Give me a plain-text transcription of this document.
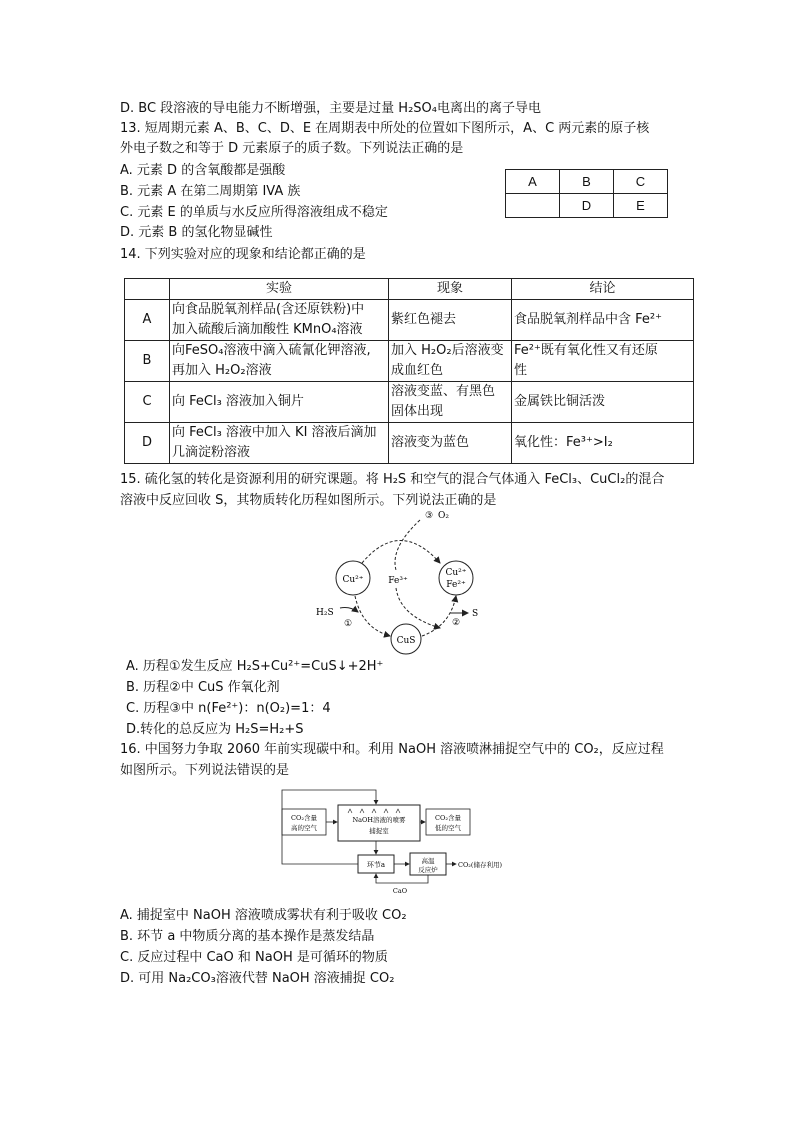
D. BC 段溶液的导电能力不断增强，主要是过量 H₂SO₄电离出的离子导电
13. 短周期元素 A、B、C、D、E 在周期表中所处的位置如下图所示，A、C 两元素的原子核
外电子数之和等于 D 元素原子的质子数。下列说法正确的是
A. 元素 D 的含氧酸都是强酸
B. 元素 A 在第二周期第 IVA 族
C. 元素 E 的单质与水反应所得溶液组成不稳定
D. 元素 B 的氢化物显碱性
A	B	C
	D	E
14. 下列实验对应的现象和结论都正确的是
	实验	现象	结论
A	向食品脱氧剂样品(含还原铁粉)中
加入硫酸后滴加酸性 KMnO₄溶液	紫红色褪去	食品脱氧剂样品中含 Fe²⁺
B	向FeSO₄溶液中滴入硫氰化钾溶液,
再加入 H₂O₂溶液	加入 H₂O₂后溶液变
成血红色	Fe²⁺既有氧化性又有还原
性
C	向 FeCl₃ 溶液加入铜片	溶液变蓝、有黑色
固体出现	金属铁比铜活泼
D	向 FeCl₃ 溶液中加入 KI 溶液后滴加
几滴淀粉溶液	溶液变为蓝色	氧化性：Fe³⁺>I₂
15. 硫化氢的转化是资源利用的研究课题。将 H₂S 和空气的混合气体通入 FeCl₃、CuCl₂的混合
溶液中反应回收 S，其物质转化历程如图所示。下列说法正确的是
Cu²⁺
Cu²⁺
Fe²⁺
CuS
Fe³⁺
H₂S	S
③ O₂
①	②
A. 历程①发生反应 H₂S+Cu²⁺=CuS↓+2H⁺
B. 历程②中 CuS 作氧化剂
C. 历程③中 n(Fe²⁺)：n(O₂)=1：4
D.转化的总反应为 H₂S=H₂+S
16. 中国努力争取 2060 年前实现碳中和。利用 NaOH 溶液喷淋捕捉空气中的 CO₂，反应过程
如图所示。下列说法错误的是
CO₂含量
高的空气
NaOH溶液的喷雾
捕捉室
CO₂含量
低的空气
环节a	高温
反应炉
CO₂(储存利用)
CaO
A. 捕捉室中 NaOH 溶液喷成雾状有利于吸收 CO₂
B. 环节 a 中物质分离的基本操作是蒸发结晶
C. 反应过程中 CaO 和 NaOH 是可循环的物质
D. 可用 Na₂CO₃溶液代替 NaOH 溶液捕捉 CO₂
